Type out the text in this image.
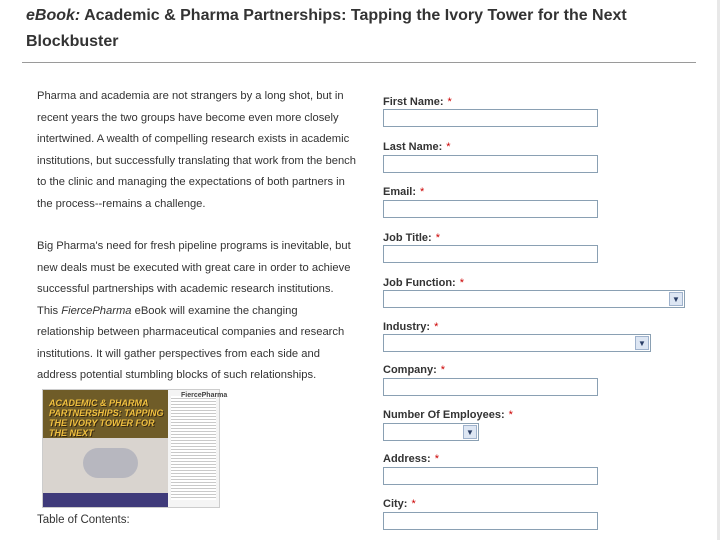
eBook: Academic & Pharma Partnerships: Tapping the Ivory Tower for the Next Blockbuster

Pharma and academia are not strangers by a long shot, but in recent years the two groups have become even more closely intertwined. A wealth of compelling research exists in academic institutions, but successfully translating that work from the bench to the clinic and managing the expectations of both partners in the process--remains a challenge.

Big Pharma's need for fresh pipeline programs is inevitable, but new deals must be executed with great care in order to achieve successful partnerships with academic research institutions. This FiercePharma eBook will examine the changing relationship between pharmaceutical companies and research institutions. It will gather perspectives from each side and address potential stumbling blocks of such relationships.

ACADEMIC & PHARMA PARTNERSHIPS: TAPPING THE IVORY TOWER FOR THE NEXT
FiercePharma
Table of Contents:
First Name: *
Last Name: *
Email: *
Job Title: *
Job Function: *
▼
Industry: *
▼
Company: *
Number Of Employees: *
▼
Address: *
City: *
